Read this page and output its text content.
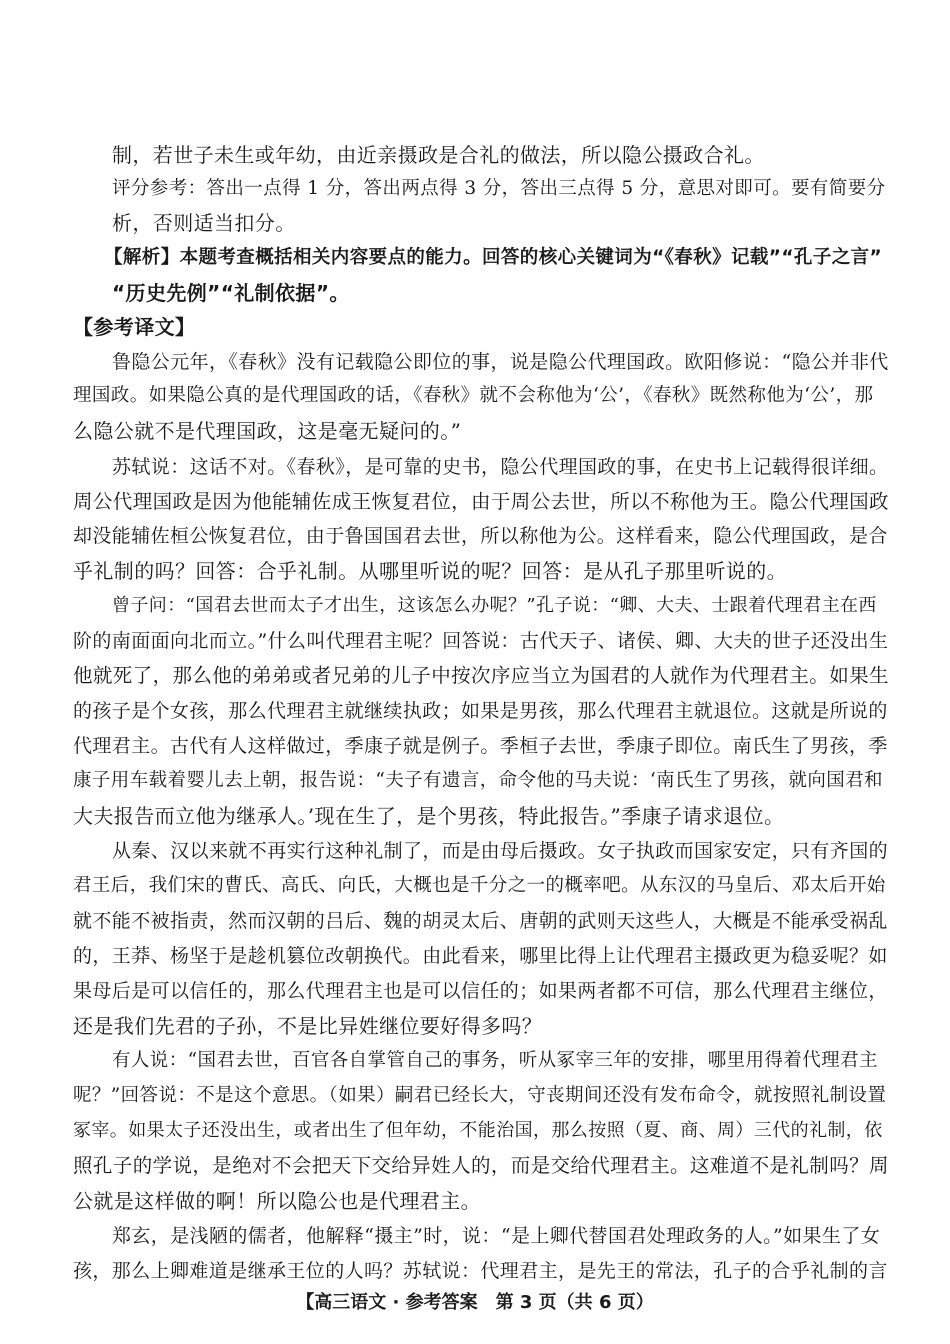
制，若世子未生或年幼，由近亲摄政是合礼的做法，所以隐公摄政合礼。
评分参考：答出一点得 1 分，答出两点得 3 分，答出三点得 5 分，意思对即可。要有简要分
析，否则适当扣分。
【解析】本题考查概括相关内容要点的能力。回答的核心关键词为“《春秋》记载”“孔子之言”
“历史先例”“礼制依据”。
【参考译文】
鲁隐公元年，《春秋》没有记载隐公即位的事，说是隐公代理国政。欧阳修说：“隐公并非代
理国政。如果隐公真的是代理国政的话，《春秋》就不会称他为‘公’，《春秋》既然称他为‘公’，那
么隐公就不是代理国政，这是毫无疑问的。”
苏轼说：这话不对。《春秋》，是可靠的史书，隐公代理国政的事，在史书上记载得很详细。
周公代理国政是因为他能辅佐成王恢复君位，由于周公去世，所以不称他为王。隐公代理国政
却没能辅佐桓公恢复君位，由于鲁国国君去世，所以称他为公。这样看来，隐公代理国政，是合
乎礼制的吗？回答：合乎礼制。从哪里听说的呢？回答：是从孔子那里听说的。
曾子问：“国君去世而太子才出生，这该怎么办呢？”孔子说：“卿、大夫、士跟着代理君主在西
阶的南面面向北而立。”什么叫代理君主呢？回答说：古代天子、诸侯、卿、大夫的世子还没出生
他就死了，那么他的弟弟或者兄弟的儿子中按次序应当立为国君的人就作为代理君主。如果生
的孩子是个女孩，那么代理君主就继续执政；如果是男孩，那么代理君主就退位。这就是所说的
代理君主。古代有人这样做过，季康子就是例子。季桓子去世，季康子即位。南氏生了男孩，季
康子用车载着婴儿去上朝，报告说：“夫子有遗言，命令他的马夫说：‘南氏生了男孩，就向国君和
大夫报告而立他为继承人。’现在生了，是个男孩，特此报告。”季康子请求退位。
从秦、汉以来就不再实行这种礼制了，而是由母后摄政。女子执政而国家安定，只有齐国的
君王后，我们宋的曹氏、高氏、向氏，大概也是千分之一的概率吧。从东汉的马皇后、邓太后开始
就不能不被指责，然而汉朝的吕后、魏的胡灵太后、唐朝的武则天这些人，大概是不能承受祸乱
的，王莽、杨坚于是趁机篡位改朝换代。由此看来，哪里比得上让代理君主摄政更为稳妥呢？如
果母后是可以信任的，那么代理君主也是可以信任的；如果两者都不可信，那么代理君主继位，
还是我们先君的子孙，不是比异姓继位要好得多吗？
有人说：“国君去世，百官各自掌管自己的事务，听从冢宰三年的安排，哪里用得着代理君主
呢？”回答说：不是这个意思。（如果）嗣君已经长大，守丧期间还没有发布命令，就按照礼制设置
冢宰。如果太子还没出生，或者出生了但年幼，不能治国，那么按照（夏、商、周）三代的礼制，依
照孔子的学说，是绝对不会把天下交给异姓人的，而是交给代理君主。这难道不是礼制吗？周
公就是这样做的啊！所以隐公也是代理君主。
郑玄，是浅陋的儒者，他解释“摄主”时，说：“是上卿代替国君处理政务的人。”如果生了女
孩，那么上卿难道是继承王位的人吗？苏轼说：代理君主，是先王的常法，孔子的合乎礼制的言
【高三语文 · 参考答案　第 3 页（共 6 页）
